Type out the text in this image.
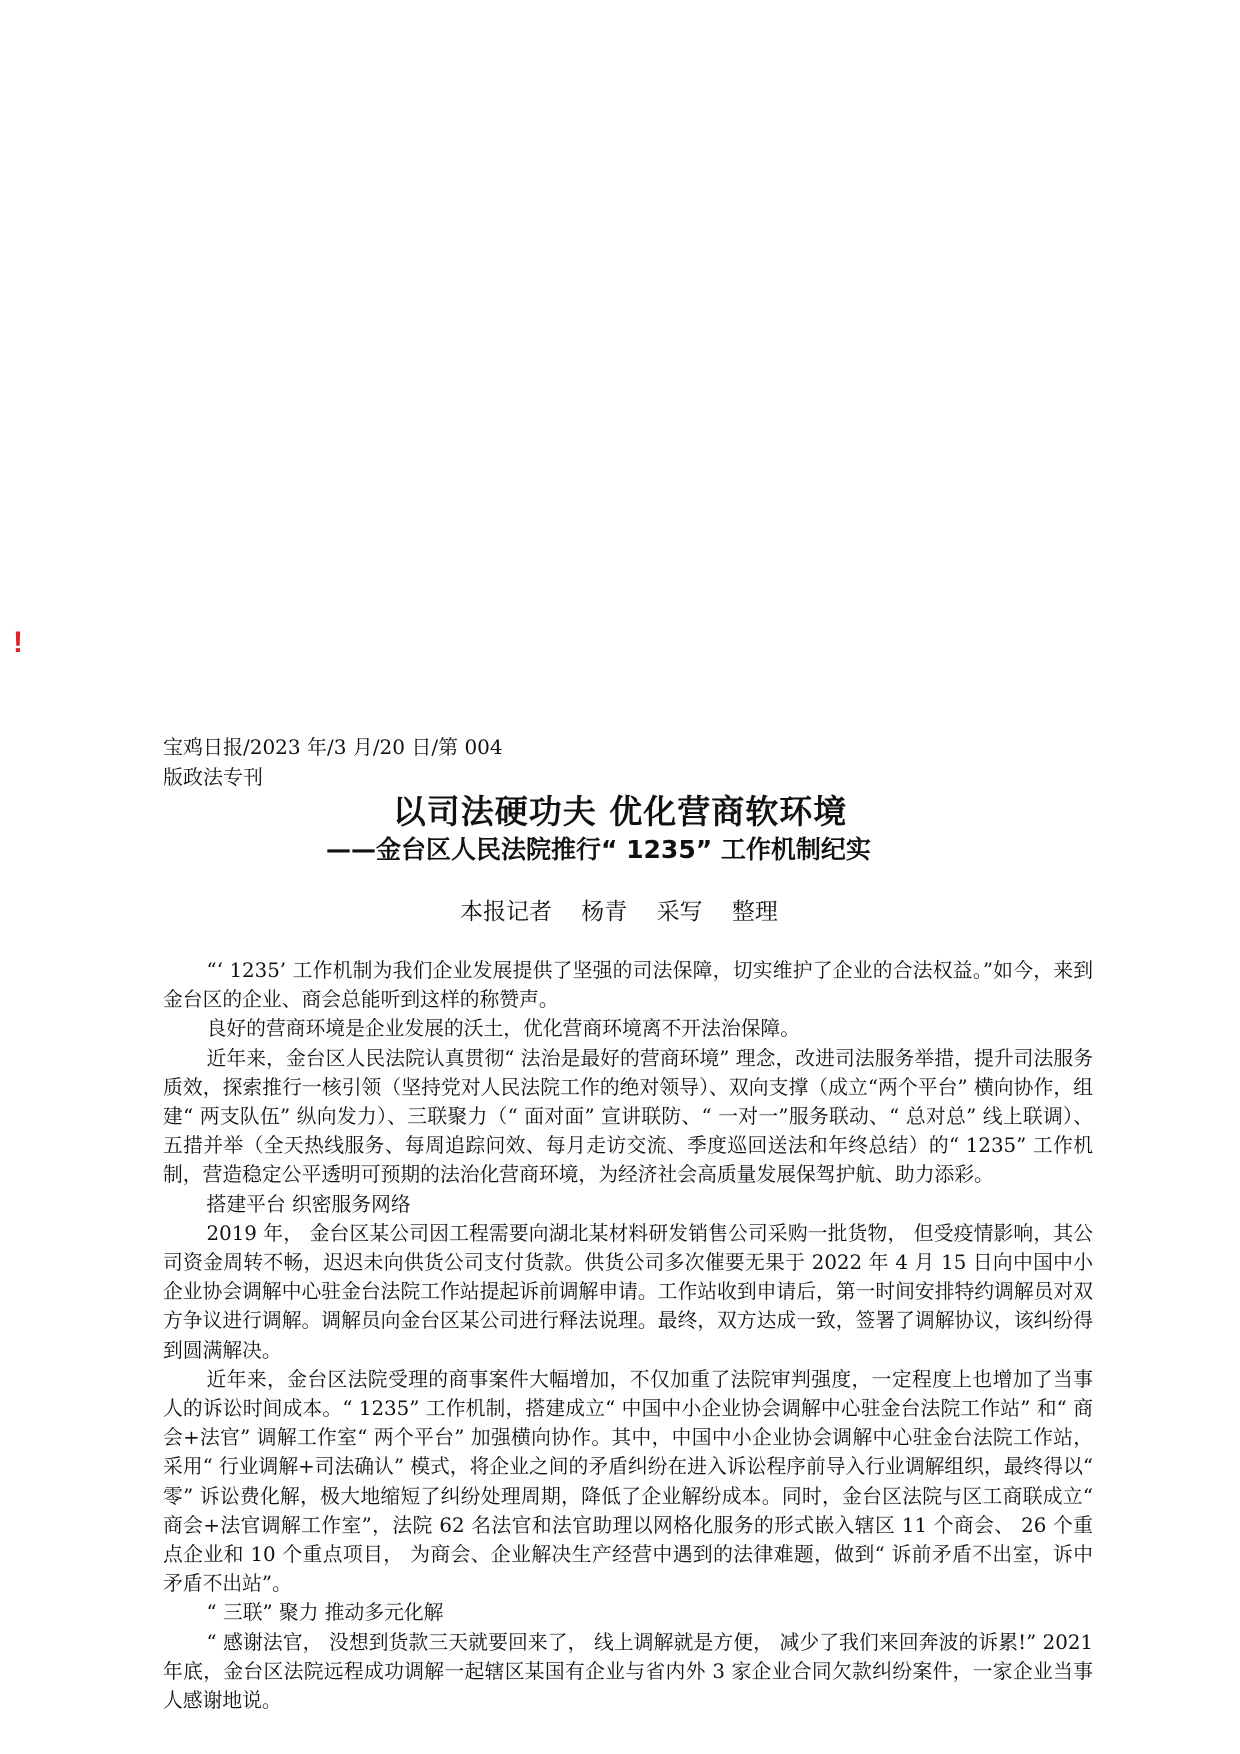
!
宝鸡日报/2023 年/3 月/20 日/第 004
版政法专刊
以司法硬功夫 优化营商软环境
——金台区人民法院推行“ 1235” 工作机制纪实
本报记者 杨青 采写 整理

“‘ 1235’ 工作机制为我们企业发展提供了坚强的司法保障，切实维护了企业的合法权益。”如今，来到金台区的企业、商会总能听到这样的称赞声。

良好的营商环境是企业发展的沃土，优化营商环境离不开法治保障。

近年来，金台区人民法院认真贯彻“ 法治是最好的营商环境” 理念，改进司法服务举措，提升司法服务质效，探索推行一核引领（坚持党对人民法院工作的绝对领导）、双向支撑（成立“两个平台” 横向协作，组建“ 两支队伍” 纵向发力）、三联聚力（“ 面对面” 宣讲联防、“ 一对一”服务联动、“ 总对总” 线上联调）、五措并举（全天热线服务、每周追踪问效、每月走访交流、季度巡回送法和年终总结）的“ 1235” 工作机制，营造稳定公平透明可预期的法治化营商环境，为经济社会高质量发展保驾护航、助力添彩。

搭建平台 织密服务网络

2019 年， 金台区某公司因工程需要向湖北某材料研发销售公司采购一批货物， 但受疫情影响，其公司资金周转不畅，迟迟未向供货公司支付货款。供货公司多次催要无果于 2022 年 4 月 15 日向中国中小企业协会调解中心驻金台法院工作站提起诉前调解申请。工作站收到申请后，第一时间安排特约调解员对双方争议进行调解。调解员向金台区某公司进行释法说理。最终，双方达成一致，签署了调解协议，该纠纷得到圆满解决。

近年来，金台区法院受理的商事案件大幅增加，不仅加重了法院审判强度，一定程度上也增加了当事人的诉讼时间成本。“ 1235” 工作机制，搭建成立“ 中国中小企业协会调解中心驻金台法院工作站” 和“ 商会+法官” 调解工作室“ 两个平台” 加强横向协作。其中，中国中小企业协会调解中心驻金台法院工作站，采用“ 行业调解+司法确认” 模式，将企业之间的矛盾纠纷在进入诉讼程序前导入行业调解组织，最终得以“ 零” 诉讼费化解，极大地缩短了纠纷处理周期，降低了企业解纷成本。同时，金台区法院与区工商联成立“ 商会+法官调解工作室”，法院 62 名法官和法官助理以网格化服务的形式嵌入辖区 11 个商会、 26 个重点企业和 10 个重点项目， 为商会、企业解决生产经营中遇到的法律难题，做到“ 诉前矛盾不出室，诉中矛盾不出站”。

“ 三联” 聚力 推动多元化解

“ 感谢法官， 没想到货款三天就要回来了， 线上调解就是方便， 减少了我们来回奔波的诉累!” 2021 年底，金台区法院远程成功调解一起辖区某国有企业与省内外 3 家企业合同欠款纠纷案件，一家企业当事人感谢地说。
